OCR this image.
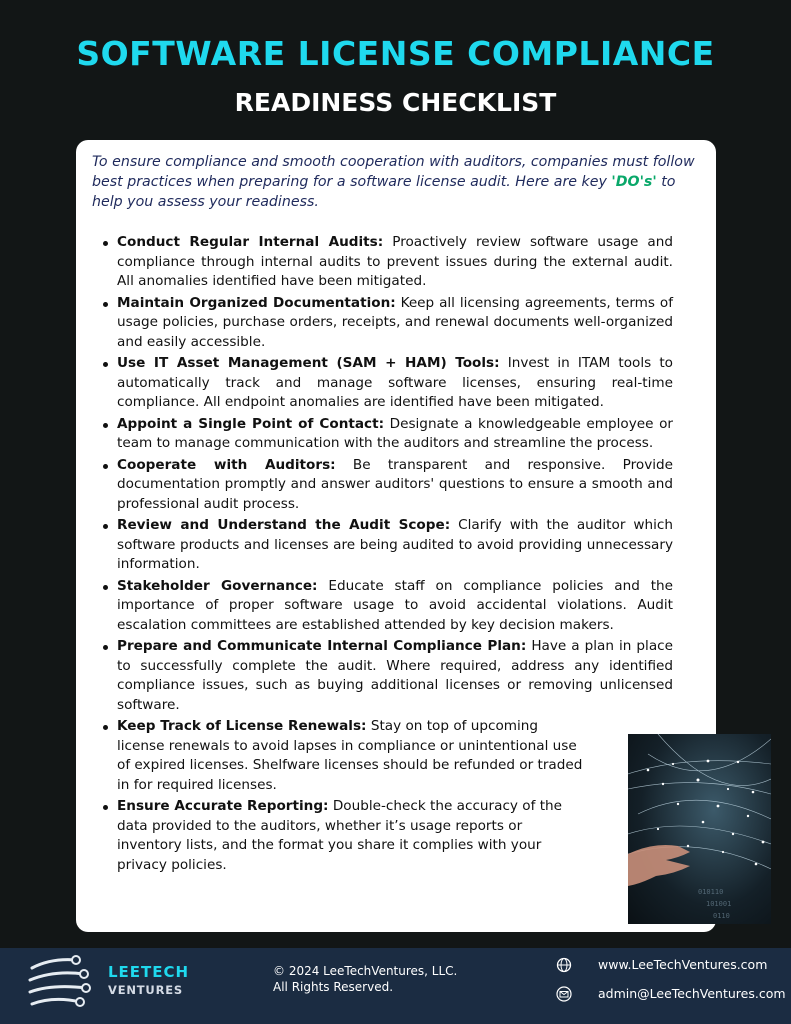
SOFTWARE LICENSE COMPLIANCE
READINESS CHECKLIST
To ensure compliance and smooth cooperation with auditors, companies must follow best practices when preparing for a software license audit. Here are key 'DO's' to help you assess your readiness.
Conduct Regular Internal Audits: Proactively review software usage and compliance through internal audits to prevent issues during the external audit. All anomalies identified have been mitigated.
Maintain Organized Documentation: Keep all licensing agreements, terms of usage policies, purchase orders, receipts, and renewal documents well-organized and easily accessible.
Use IT Asset Management (SAM + HAM) Tools: Invest in ITAM tools to automatically track and manage software licenses, ensuring real-time compliance. All endpoint anomalies are identified have been mitigated.
Appoint a Single Point of Contact: Designate a knowledgeable employee or team to manage communication with the auditors and streamline the process.
Cooperate with Auditors: Be transparent and responsive. Provide documentation promptly and answer auditors' questions to ensure a smooth and professional audit process.
Review and Understand the Audit Scope: Clarify with the auditor which software products and licenses are being audited to avoid providing unnecessary information.
Stakeholder Governance: Educate staff on compliance policies and the importance of proper software usage to avoid accidental violations. Audit escalation committees are established attended by key decision makers.
Prepare and Communicate Internal Compliance Plan: Have a plan in place to successfully complete the audit. Where required, address any identified compliance issues, such as buying additional licenses or removing unlicensed software.
Keep Track of License Renewals: Stay on top of upcoming license renewals to avoid lapses in compliance or unintentional use of expired licenses. Shelfware licenses should be refunded or traded in for required licenses.
Ensure Accurate Reporting: Double-check the accuracy of the data provided to the auditors, whether it’s usage reports or inventory lists, and the format you share it complies with your privacy policies.
010110
101001
0110
LEETECH
VENTURES
© 2024 LeeTechVentures, LLC.
All Rights Reserved.
www.LeeTechVentures.com
admin@LeeTechVentures.com
